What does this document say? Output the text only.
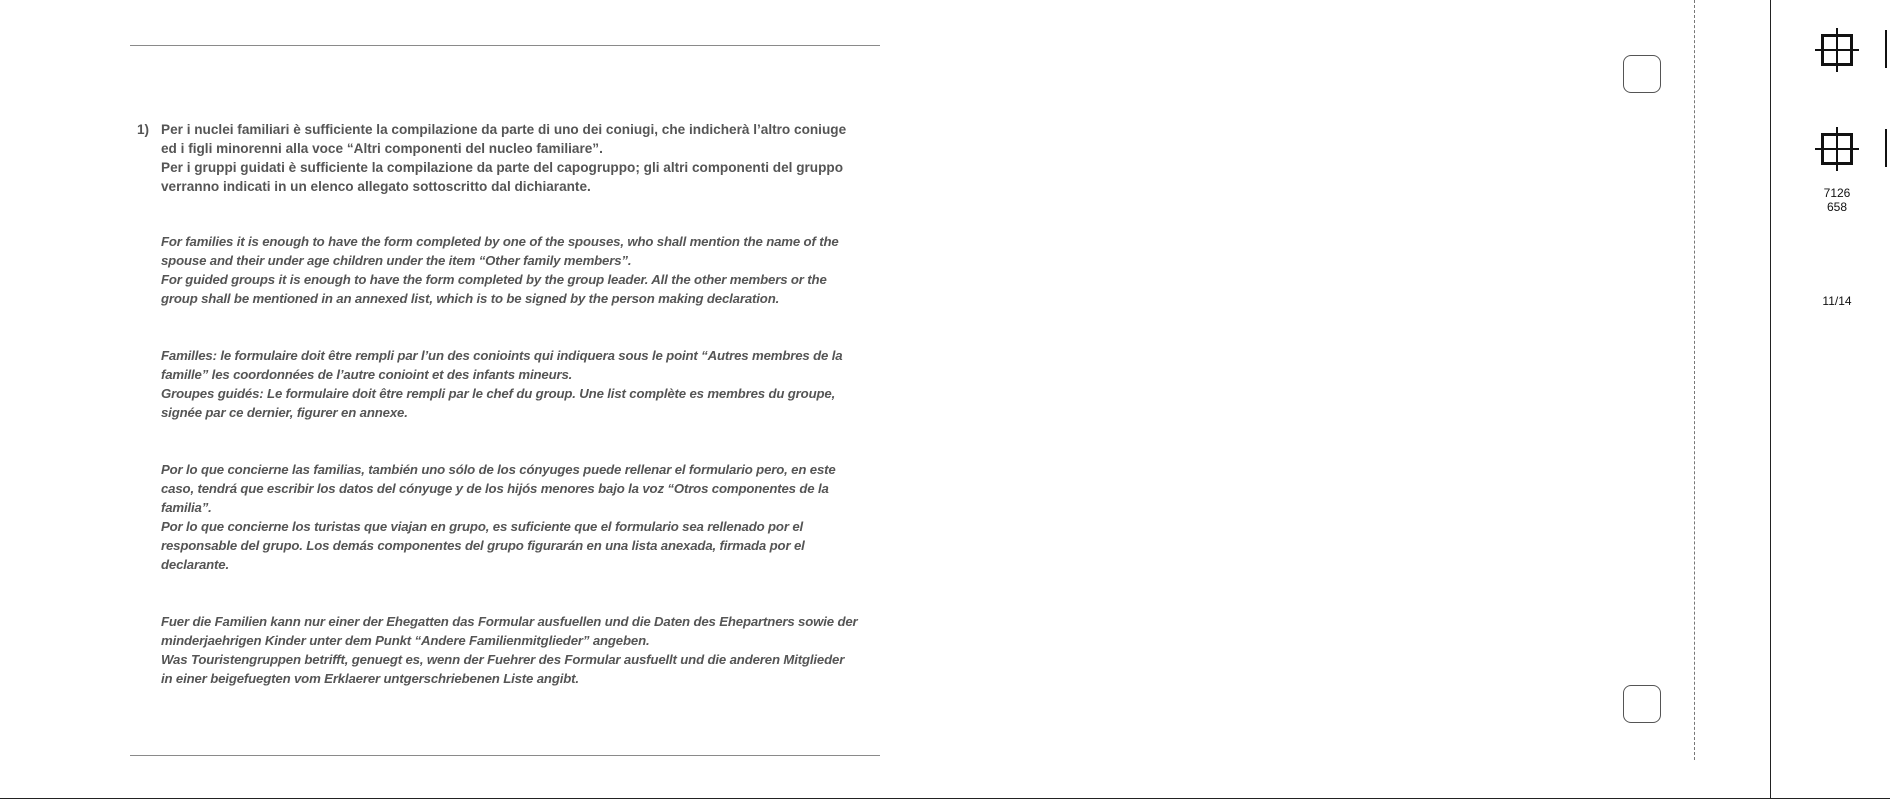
1) Per i nuclei familiari è sufficiente la compilazione da parte di uno dei coniugi, che indicherà l’altro coniuge ed i figli minorenni alla voce “Altri componenti del nucleo familiare”.

Per i gruppi guidati è sufficiente la compilazione da parte del capogruppo; gli altri componenti del gruppo verranno indicati in un elenco allegato sottoscritto dal dichiarante.

For families it is enough to have the form completed by one of the spouses, who shall mention the name of the spouse and their under age children under the item “Other family members”.

For guided groups it is enough to have the form completed by the group leader. All the other members or the group shall be mentioned in an annexed list, which is to be signed by the person making declaration.

Familles: le formulaire doit être rempli par l’un des conioints qui indiquera sous le point “Autres membres de la famille” les coordonnées de l’autre conioint et des infants mineurs.

Groupes guidés: Le formulaire doit être rempli par le chef du group. Une list complète es membres du groupe, signée par ce dernier, figurer en annexe.

Por lo que concierne las familias, también uno sólo de los cónyuges puede rellenar el formulario pero, en este caso, tendrá que escribir los datos del cónyuge y de los hijós menores bajo la voz “Otros componentes de la familia”.

Por lo que concierne los turistas que viajan en grupo, es suficiente que el formulario sea rellenado por el responsable del grupo. Los demás componentes del grupo figurarán en una lista anexada, firmada por el declarante.

Fuer die Familien kann nur einer der Ehegatten das Formular ausfuellen und die Daten des Ehepartners sowie der minderjaehrigen Kinder unter dem Punkt “Andere Familienmitglieder” angeben.

Was Touristengruppen betrifft, genuegt es, wenn der Fuehrer des Formular ausfuellt und die anderen Mitglieder in einer beigefuegten vom Erklaerer untgerschriebenen Liste angibt.

7126
658
11/14
